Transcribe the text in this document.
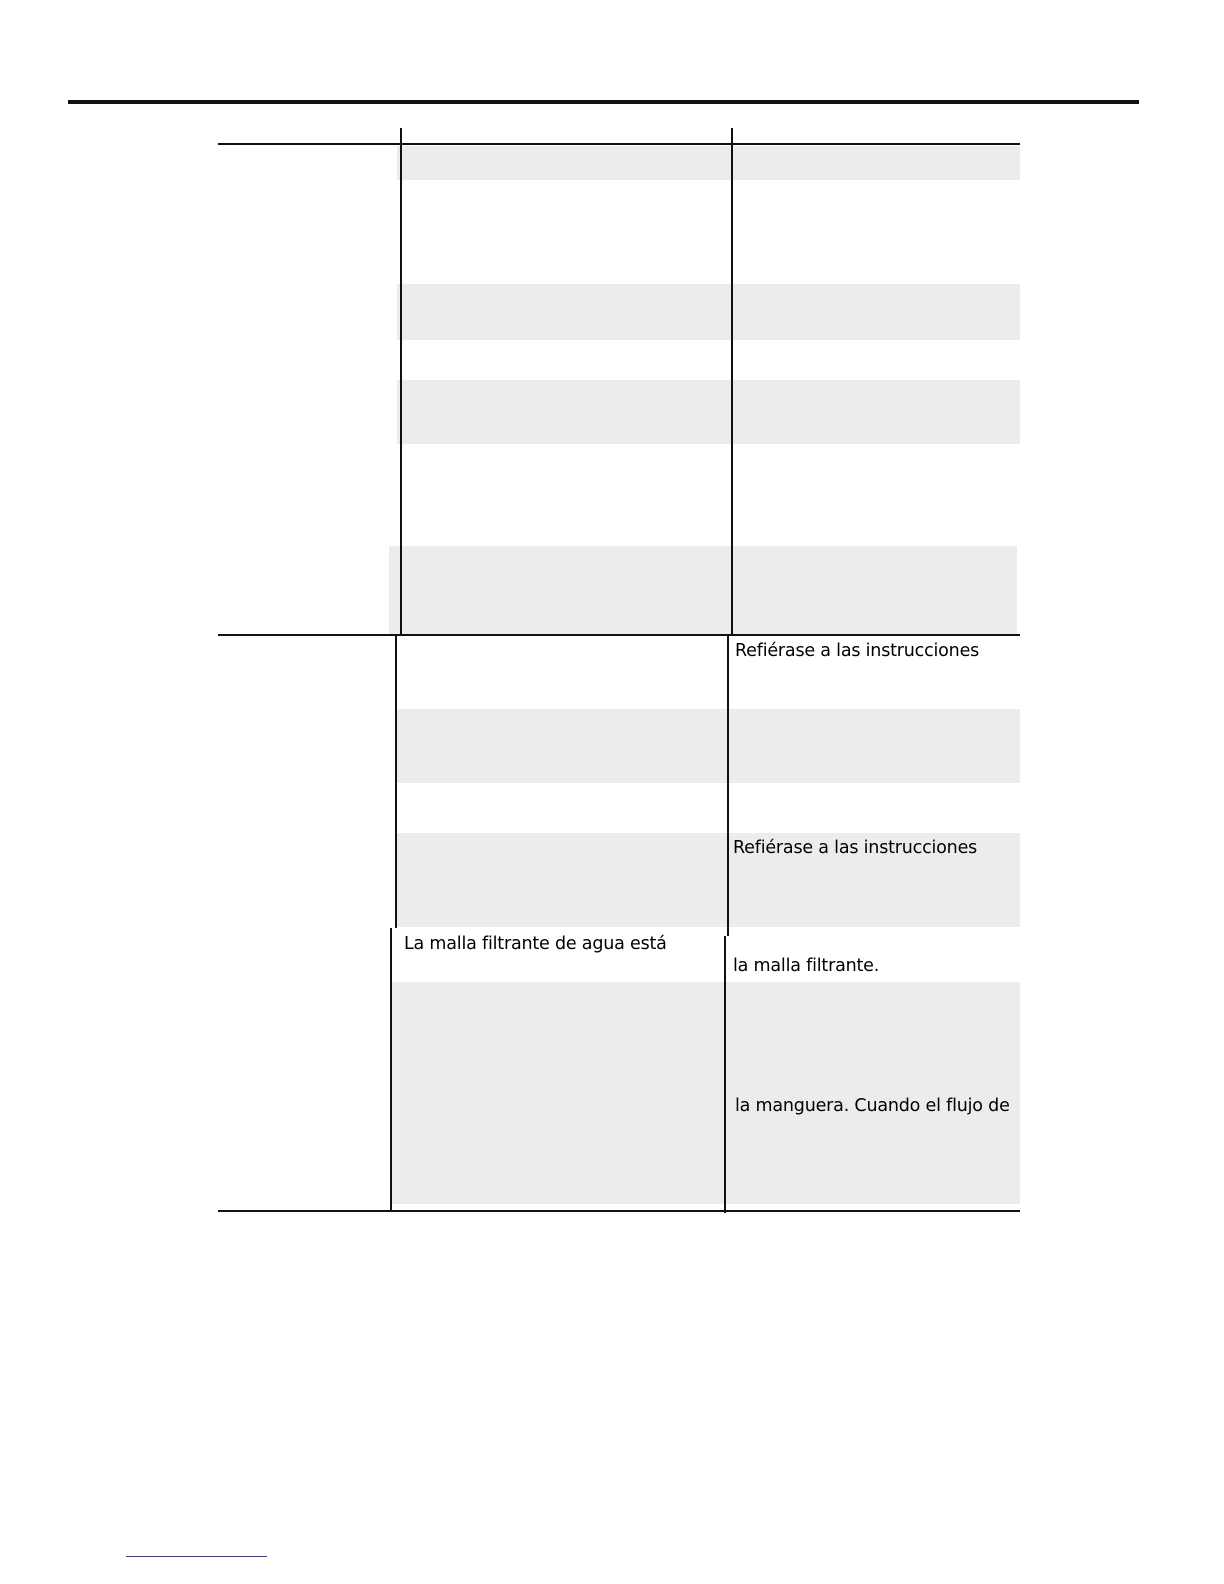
Refiérase a las instrucciones
Refiérase a las instrucciones
La malla filtrante de agua está
la malla filtrante.
la manguera. Cuando el flujo de
